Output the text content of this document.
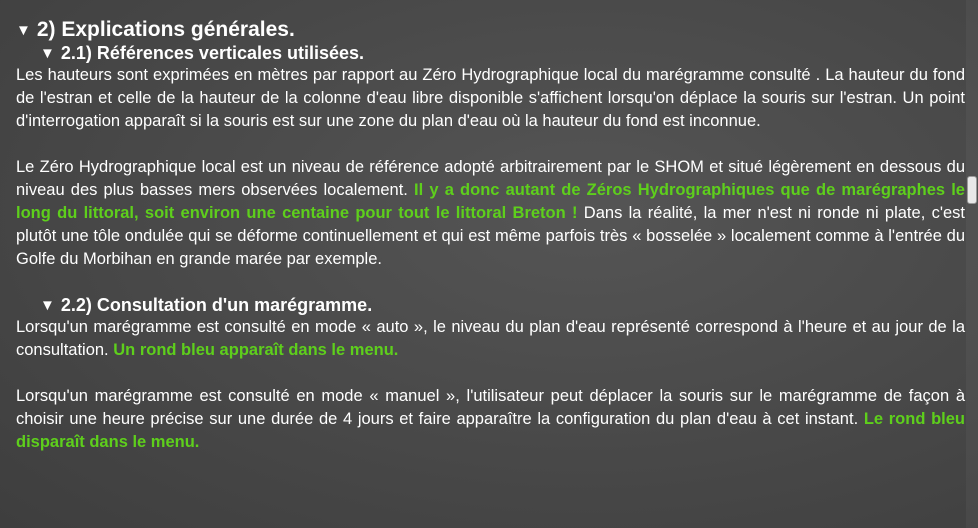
▼ 2) Explications générales.
▼ 2.1) Références verticales utilisées.

Les hauteurs sont exprimées en mètres par rapport au Zéro Hydrographique local du marégramme consulté . La hauteur du fond de l'estran et celle de la hauteur de la colonne d'eau libre disponible s'affichent lorsqu'on déplace la souris sur l'estran. Un point d'interrogation apparaît si la souris est sur une zone du plan d'eau où la hauteur du fond est inconnue.

Le Zéro Hydrographique local est un niveau de référence adopté arbitrairement par le SHOM et situé légèrement en dessous du niveau des plus basses mers observées localement. Il y a donc autant de Zéros Hydrographiques que de marégraphes le long du littoral, soit environ une centaine pour tout le littoral Breton ! Dans la réalité, la mer n'est ni ronde ni plate, c'est plutôt une tôle ondulée qui se déforme continuellement et qui est même parfois très « bosselée » localement comme à l'entrée du Golfe du Morbihan en grande marée par exemple.

▼ 2.2) Consultation d'un marégramme.

Lorsqu'un marégramme est consulté en mode « auto », le niveau du plan d'eau représenté correspond à l'heure et au jour de la consultation. Un rond bleu apparaît dans le menu.

Lorsqu'un marégramme est consulté en mode « manuel », l'utilisateur peut déplacer la souris sur le marégramme de façon à choisir une heure précise sur une durée de 4 jours et faire apparaître la configuration du plan d'eau à cet instant. Le rond bleu disparaît dans le menu.
